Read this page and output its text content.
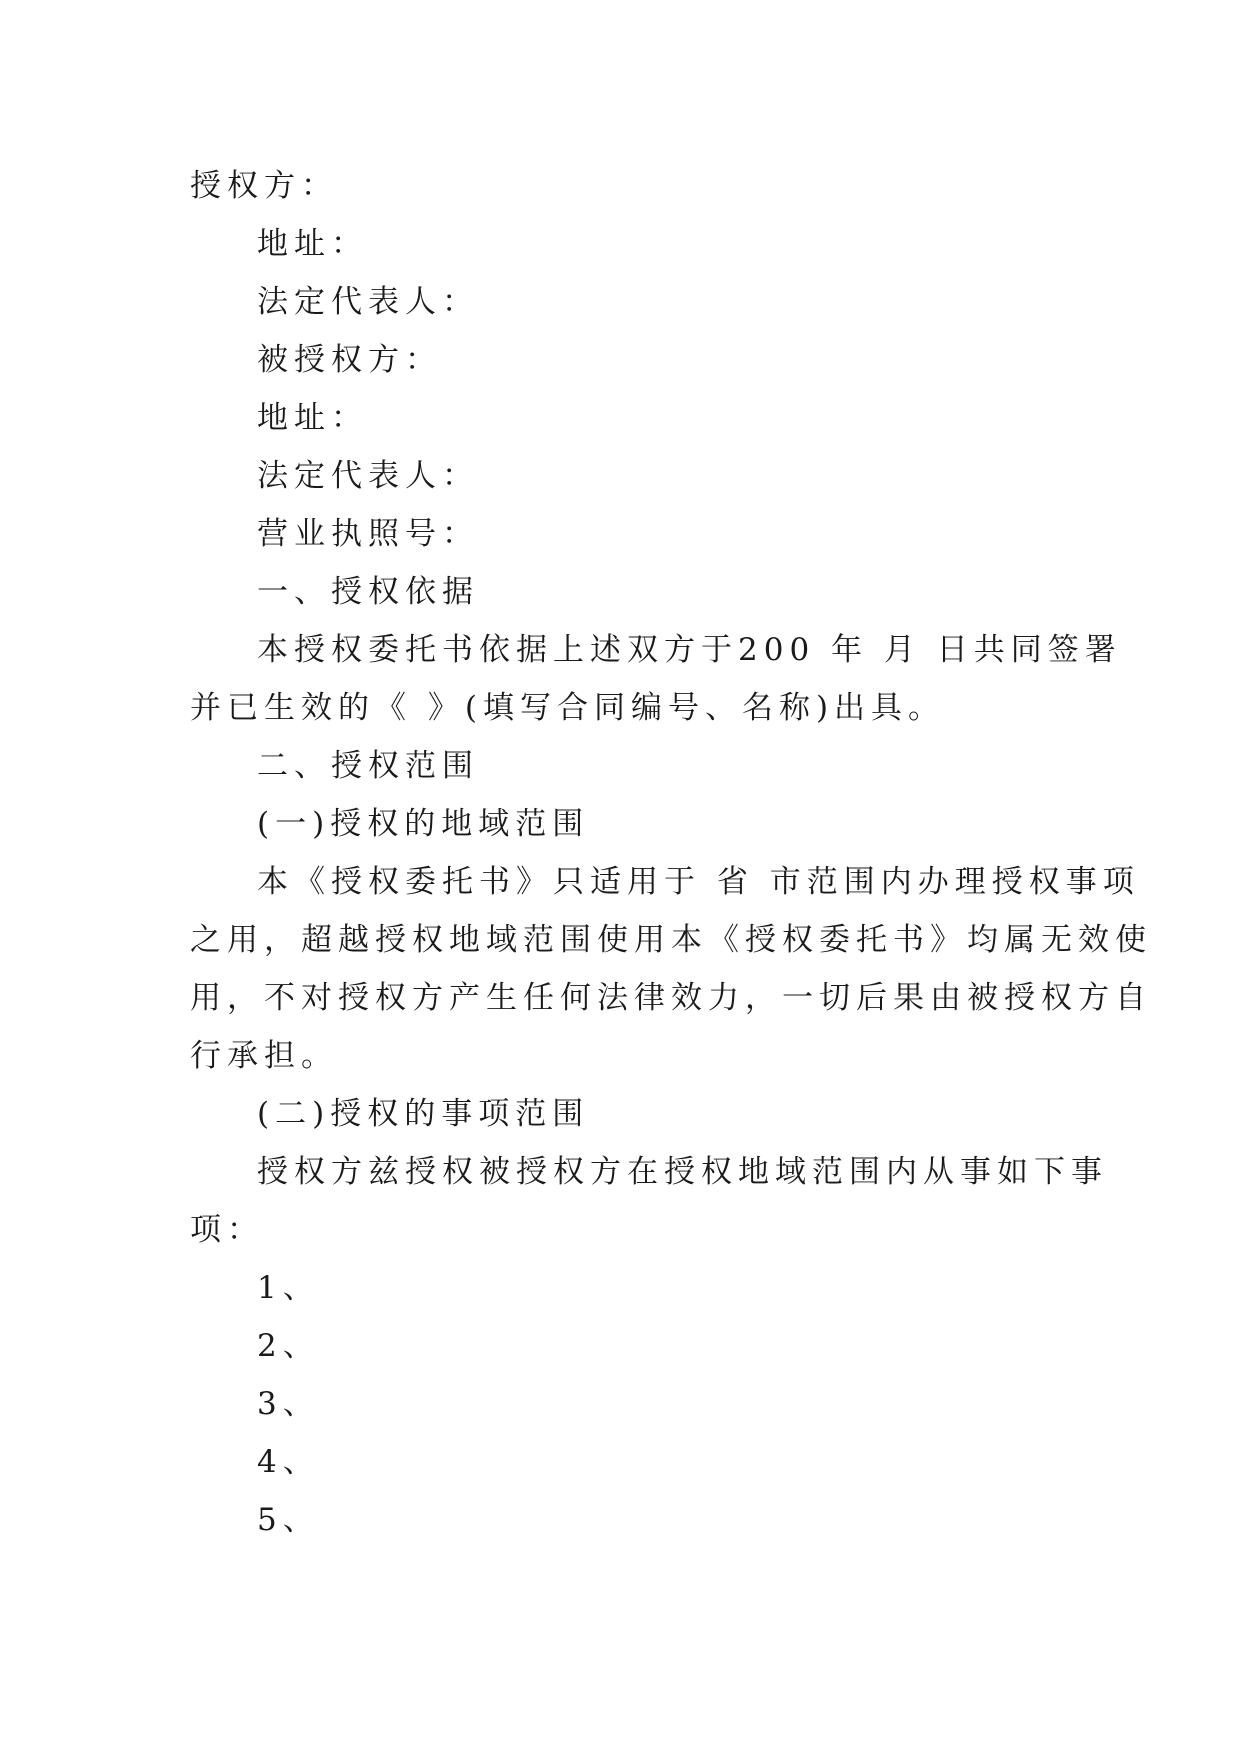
授权方：
地址：
法定代表人：
被授权方：
地址：
法定代表人：
营业执照号：
一、授权依据
本授权委托书依据上述双方于200 年 月 日共同签署
并已生效的《 》(填写合同编号、名称)出具。
二、授权范围
(一)授权的地域范围
本《授权委托书》只适用于 省 市范围内办理授权事项
之用，超越授权地域范围使用本《授权委托书》均属无效使
用，不对授权方产生任何法律效力，一切后果由被授权方自
行承担。
(二)授权的事项范围
授权方兹授权被授权方在授权地域范围内从事如下事
项：
1、
2、
3、
4、
5、
